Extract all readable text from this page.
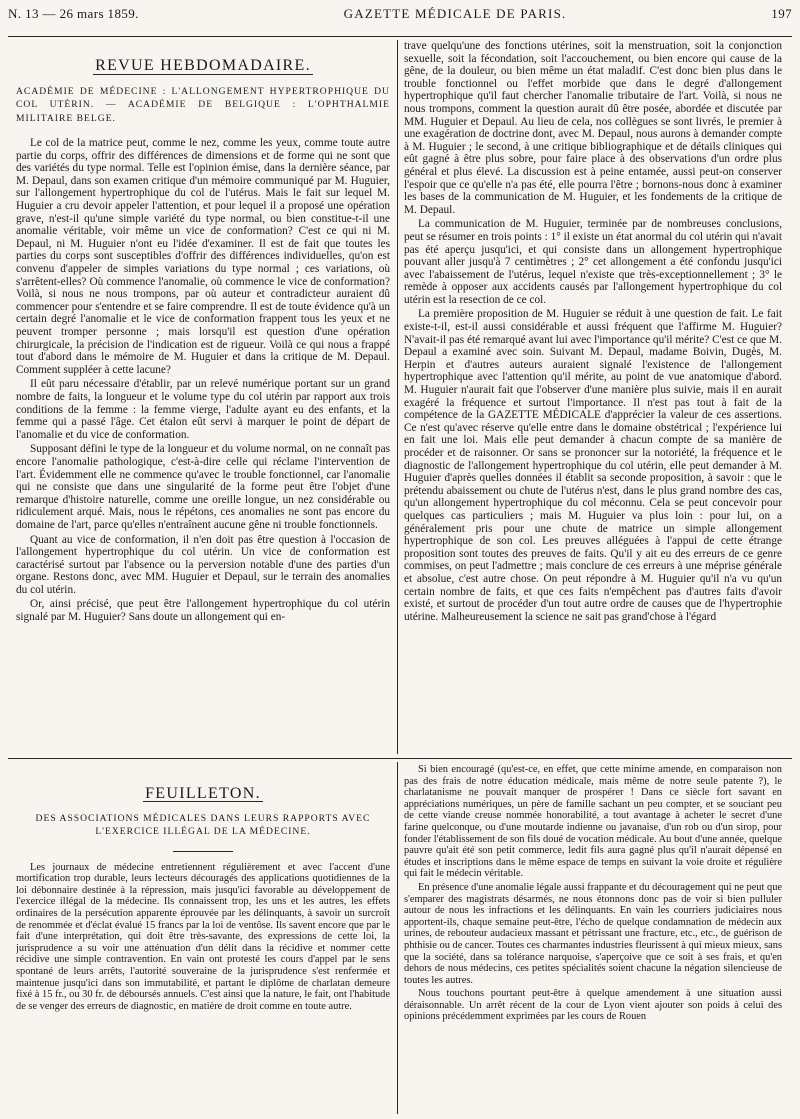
N. 13 — 26 mars 1859.	GAZETTE MÉDICALE DE PARIS.	197
REVUE HEBDOMADAIRE.
ACADÉMIE DE MÉDECINE : L'ALLONGEMENT HYPERTROPHIQUE DU COL UTÉRIN. — ACADÉMIE DE BELGIQUE : L'OPHTHALMIE MILITAIRE BELGE.

Le col de la matrice peut, comme le nez, comme les yeux, comme toute autre partie du corps, offrir des différences de dimensions et de forme qui ne sont que des variétés du type normal. Telle est l'opinion émise, dans la dernière séance, par M. Depaul, dans son examen critique d'un mémoire communiqué par M. Huguier, sur l'allongement hypertrophique du col de l'utérus. Mais le fait sur lequel M. Huguier a cru devoir appeler l'attention, et pour lequel il a proposé une opération grave, n'est-il qu'une simple variété du type normal, ou bien constitue-t-il une anomalie véritable, voir même un vice de conformation? C'est ce qui ni M. Depaul, ni M. Huguier n'ont eu l'idée d'examiner. Il est de fait que toutes les parties du corps sont susceptibles d'offrir des différences individuelles, qu'on est convenu d'appeler de simples variations du type normal ; ces variations, où s'arrêtent-elles? Où commence l'anomalie, où commence le vice de conformation? Voilà, si nous ne nous trompons, par où auteur et contradicteur auraient dû commencer pour s'entendre et se faire comprendre. Il est de toute évidence qu'à un certain degré l'anomalie et le vice de conformation frappent tous les yeux et ne peuvent tromper personne ; mais lorsqu'il est question d'une opération chirurgicale, la précision de l'indication est de rigueur. Voilà ce qui nous a frappé tout d'abord dans le mémoire de M. Huguier et dans la critique de M. Depaul. Comment suppléer à cette lacune?

Il eût paru nécessaire d'établir, par un relevé numérique portant sur un grand nombre de faits, la longueur et le volume type du col utérin par rapport aux trois conditions de la femme : la femme vierge, l'adulte ayant eu des enfants, et la femme qui a passé l'âge. Cet étalon eût servi à marquer le point de départ de l'anomalie et du vice de conformation.

Supposant défini le type de la longueur et du volume normal, on ne connaît pas encore l'anomalie pathologique, c'est-à-dire celle qui réclame l'intervention de l'art. Évidemment elle ne commence qu'avec le trouble fonctionnel, car l'anomalie qui ne consiste que dans une singularité de la forme peut être l'objet d'une remarque d'histoire naturelle, comme une oreille longue, un nez considérable ou ridiculement arqué. Mais, nous le répétons, ces anomalies ne sont pas encore du domaine de l'art, parce qu'elles n'entraînent aucune gêne ni trouble fonctionnels.

Quant au vice de conformation, il n'en doit pas être question à l'occasion de l'allongement hypertrophique du col utérin. Un vice de conformation est caractérisé surtout par l'absence ou la perversion notable d'une des parties d'un organe. Restons donc, avec MM. Huguier et Depaul, sur le terrain des anomalies du col utérin.

Or, ainsi précisé, que peut être l'allongement hypertrophique du col utérin signalé par M. Huguier? Sans doute un allongement qui en-

trave quelqu'une des fonctions utérines, soit la menstruation, soit la conjonction sexuelle, soit la fécondation, soit l'accouchement, ou bien encore qui cause de la gêne, de la douleur, ou bien même un état maladif. C'est donc bien plus dans le trouble fonctionnel ou l'effet morbide que dans le degré d'allongement hypertrophique qu'il faut chercher l'anomalie tributaire de l'art. Voilà, si nous ne nous trompons, comment la question aurait dû être posée, abordée et discutée par MM. Huguier et Depaul. Au lieu de cela, nos collègues se sont livrés, le premier à une exagération de doctrine dont, avec M. Depaul, nous aurons à demander compte à M. Huguier ; le second, à une critique bibliographique et de détails cliniques qui eût gagné à être plus sobre, pour faire place à des observations d'un ordre plus général et plus élevé. La discussion est à peine entamée, aussi peut-on conserver l'espoir que ce qu'elle n'a pas été, elle pourra l'être ; bornons-nous donc à examiner les bases de la communication de M. Huguier, et les fondements de la critique de M. Depaul.

La communication de M. Huguier, terminée par de nombreuses conclusions, peut se résumer en trois points : 1° il existe un état anormal du col utérin qui n'avait pas été aperçu jusqu'ici, et qui consiste dans un allongement hypertrophique pouvant aller jusqu'à 7 centimètres ; 2° cet allongement a été confondu jusqu'ici avec l'abaissement de l'utérus, lequel n'existe que très-exceptionnellement ; 3° le remède à opposer aux accidents causés par l'allongement hypertrophique du col utérin est la resection de ce col.

La première proposition de M. Huguier se réduit à une question de fait. Le fait existe-t-il, est-il aussi considérable et aussi fréquent que l'affirme M. Huguier? N'avait-il pas été remarqué avant lui avec l'importance qu'il mérite? C'est ce que M. Depaul a examiné avec soin. Suivant M. Depaul, madame Boivin, Dugès, M. Herpin et d'autres auteurs auraient signalé l'existence de l'allongement hypertrophique avec l'attention qu'il mérite, au point de vue anatomique d'abord. M. Huguier n'aurait fait que l'observer d'une manière plus suivie, mais il en aurait exagéré la fréquence et surtout l'importance. Il n'est pas tout à fait de la compétence de la GAZETTE MÉDICALE d'apprécier la valeur de ces assertions. Ce n'est qu'avec réserve qu'elle entre dans le domaine obstétrical ; l'expérience lui en fait une loi. Mais elle peut demander à chacun compte de sa manière de procéder et de raisonner. Or sans se prononcer sur la notoriété, la fréquence et le diagnostic de l'allongement hypertrophique du col utérin, elle peut demander à M. Huguier d'après quelles données il établit sa seconde proposition, à savoir : que le prétendu abaissement ou chute de l'utérus n'est, dans le plus grand nombre des cas, qu'un allongement hypertrophique du col méconnu. Cela se peut concevoir pour quelques cas particuliers ; mais M. Huguier va plus loin : pour lui, on a généralement pris pour une chute de matrice un simple allongement hypertrophique de son col. Les preuves alléguées à l'appui de cette étrange proposition sont toutes des preuves de faits. Qu'il y ait eu des erreurs de ce genre commises, on peut l'admettre ; mais conclure de ces erreurs à une méprise générale et absolue, c'est autre chose. On peut répondre à M. Huguier qu'il n'a vu qu'un certain nombre de faits, et que ces faits n'empêchent pas d'autres faits d'avoir existé, et surtout de procéder d'un tout autre ordre de causes que de l'hypertrophie utérine. Malheureusement la science ne sait pas grand'chose à l'égard

FEUILLETON.
DES ASSOCIATIONS MÉDICALES DANS LEURS RAPPORTS AVEC L'EXERCICE ILLÉGAL DE LA MÉDECINE.

Les journaux de médecine entretiennent régulièrement et avec l'accent d'une mortification trop durable, leurs lecteurs découragés des applications quotidiennes de la loi débonnaire destinée à la répression, mais jusqu'ici favorable au développement de l'exercice illégal de la médecine. Ils connaissent trop, les uns et les autres, les effets ordinaires de la persécution apparente éprouvée par les délinquants, à savoir un surcroît de renommée et d'éclat évalué 15 francs par la loi de ventôse. Ils savent encore que par le fait d'une interprétation, qui doit être très-savante, des expressions de cette loi, la jurisprudence a su voir une atténuation d'un délit dans la récidive et nommer cette récidive une simple contravention. En vain ont protesté les cours d'appel par le sens spontané de leurs arrêts, l'autorité souveraine de la jurisprudence s'est renfermée et maintenue jusqu'ici dans son immutabilité, et partant le diplôme de charlatan demeure fixé à 15 fr., ou 30 fr. de déboursés annuels. C'est ainsi que la nature, le fait, ont l'habitude de se venger des erreurs de diagnostic, en matière de droit comme en toute autre.

Si bien encouragé (qu'est-ce, en effet, que cette minime amende, en comparaison non pas des frais de notre éducation médicale, mais même de notre seule patente ?), le charlatanisme ne pouvait manquer de prospérer ! Dans ce siècle fort savant en appréciations numériques, un père de famille sachant un peu compter, et se souciant peu de cette viande creuse nommée honorabilité, a tout avantage à acheter le secret d'une farine quelconque, ou d'une moutarde indienne ou javanaise, d'un rob ou d'un sirop, pour fonder l'établissement de son fils doué de vocation médicale. Au bout d'une année, quelque pauvre qu'ait été son petit commerce, ledit fils aura gagné plus qu'il n'aurait dépensé en études et inscriptions dans le même espace de temps en suivant la voie droite et régulière qui fait le médecin véritable.

En présence d'une anomalie légale aussi frappante et du découragement qui ne peut que s'emparer des magistrats désarmés, ne nous étonnons donc pas de voir si bien pulluler autour de nous les infractions et les délinquants. En vain les courriers judiciaires nous apportent-ils, chaque semaine peut-être, l'écho de quelque condamnation de médecin aux urines, de rebouteur audacieux massant et pétrissant une fracture, etc., etc., de guérison de phthisie ou de cancer. Toutes ces charmantes industries fleurissent à qui mieux mieux, sans que la société, dans sa tolérance narquoise, s'aperçoive que ce soit à ses frais, et qu'en dehors de nous médecins, ces petites spécialités soient chacune la négation silencieuse de toutes les autres.

Nous touchons pourtant peut-être à quelque amendement à une situation aussi déraisonnable. Un arrêt récent de la cour de Lyon vient ajouter son poids à celui des opinions précédemment exprimées par les cours de Rouen
